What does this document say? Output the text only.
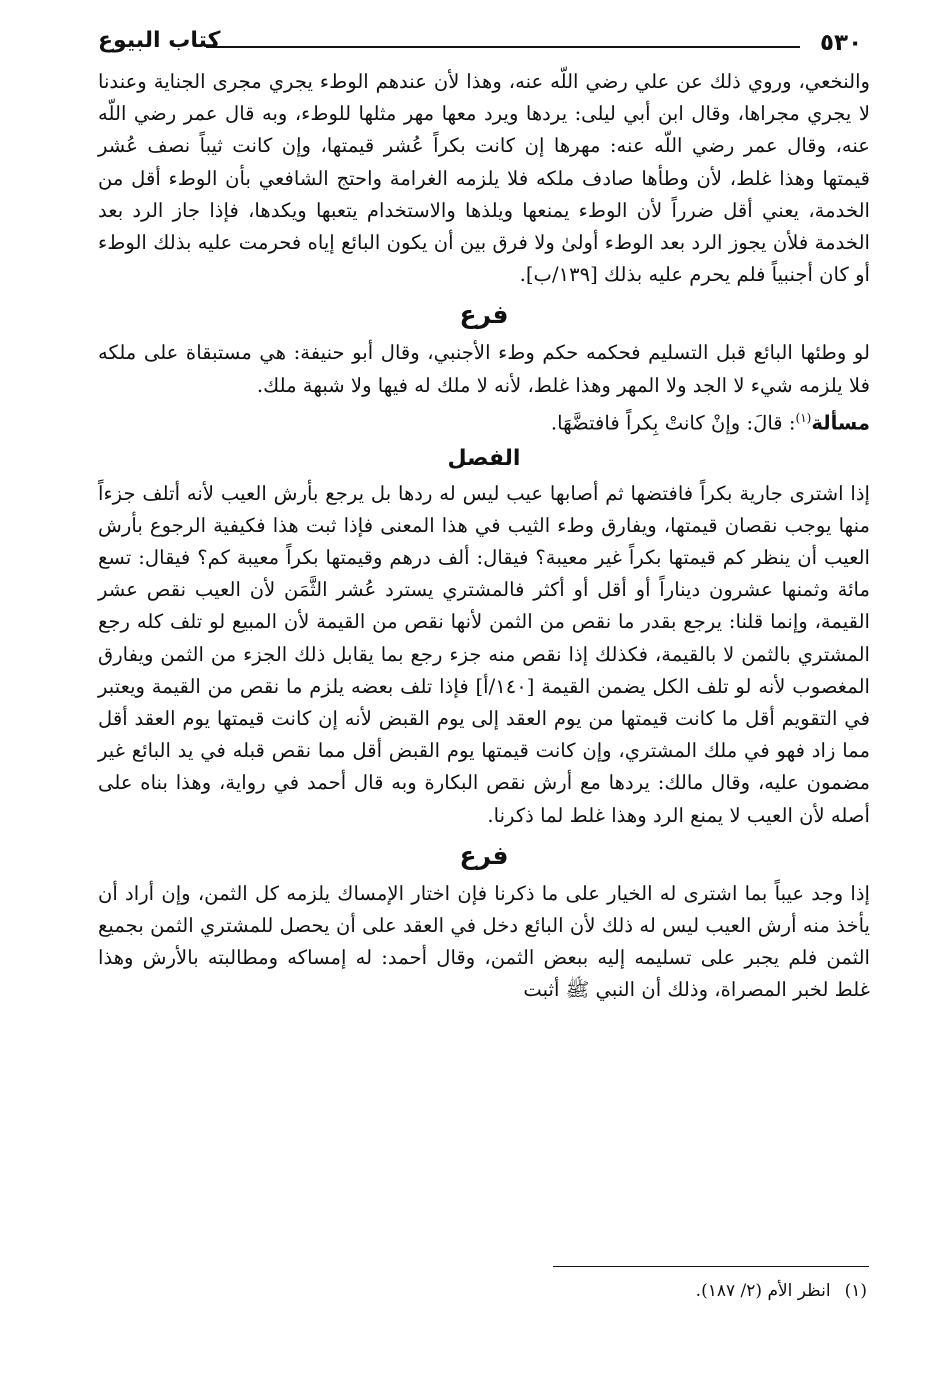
٥٣٠
كتاب البيوع

والنخعي، وروي ذلك عن علي رضي اللّه عنه، وهذا لأن عندهم الوطء يجري مجرى الجناية وعندنا لا يجري مجراها، وقال ابن أبي ليلى: يردها ويرد معها مهر مثلها للوطء، وبه قال عمر رضي اللّه عنه، وقال عمر رضي اللّه عنه: مهرها إن كانت بكراً عُشر قيمتها، وإن كانت ثيباً نصف عُشر قيمتها وهذا غلط، لأن وطأها صادف ملكه فلا يلزمه الغرامة واحتج الشافعي بأن الوطء أقل من الخدمة، يعني أقل ضرراً لأن الوطء يمنعها ويلذها والاستخدام يتعبها ويكدها، فإذا جاز الرد بعد الخدمة فلأن يجوز الرد بعد الوطء أولىٰ ولا فرق بين أن يكون البائع إياه فحرمت عليه بذلك الوطء أو كان أجنبياً فلم يحرم عليه بذلك [١٣٩/ب].

فرع

لو وطئها البائع قبل التسليم فحكمه حكم وطء الأجنبي، وقال أبو حنيفة: هي مستبقاة على ملكه فلا يلزمه شيء لا الجد ولا المهر وهذا غلط، لأنه لا ملك له فيها ولا شبهة ملك.

مسألة$^{(١)}$: قالَ: وإنْ كانتْ بِكراً فافتضَّهَا.

الفصل

إذا اشترى جارية بكراً فافتضها ثم أصابها عيب ليس له ردها بل يرجع بأرش العيب لأنه أتلف جزءاً منها يوجب نقصان قيمتها، ويفارق وطء الثيب في هذا المعنى فإذا ثبت هذا فكيفية الرجوع بأرش العيب أن ينظر كم قيمتها بكراً غير معيبة؟ فيقال: ألف درهم وقيمتها بكراً معيبة كم؟ فيقال: تسع مائة وثمنها عشرون ديناراً أو أقل أو أكثر فالمشتري يسترد عُشر الثَّمَن لأن العيب نقص عشر القيمة، وإنما قلنا: يرجع بقدر ما نقص من الثمن لأنها نقص من القيمة لأن المبيع لو تلف كله رجع المشتري بالثمن لا بالقيمة، فكذلك إذا نقص منه جزء رجع بما يقابل ذلك الجزء من الثمن ويفارق المغصوب لأنه لو تلف الكل يضمن القيمة [١٤٠/أ] فإذا تلف بعضه يلزم ما نقص من القيمة ويعتبر في التقويم أقل ما كانت قيمتها من يوم العقد إلى يوم القبض لأنه إن كانت قيمتها يوم العقد أقل مما زاد فهو في ملك المشتري، وإن كانت قيمتها يوم القبض أقل مما نقص قبله في يد البائع غير مضمون عليه، وقال مالك: يردها مع أرش نقص البكارة وبه قال أحمد في رواية، وهذا بناه على أصله لأن العيب لا يمنع الرد وهذا غلط لما ذكرنا.

فرع

إذا وجد عيباً بما اشترى له الخيار على ما ذكرنا فإن اختار الإمساك يلزمه كل الثمن، وإن أراد أن يأخذ منه أرش العيب ليس له ذلك لأن البائع دخل في العقد على أن يحصل للمشتري الثمن بجميع الثمن فلم يجبر على تسليمه إليه ببعض الثمن، وقال أحمد: له إمساكه ومطالبته بالأرش وهذا غلط لخبر المصراة، وذلك أن النبي ﷺ أثبت

(١)انظر الأم (٢/ ١٨٧).
